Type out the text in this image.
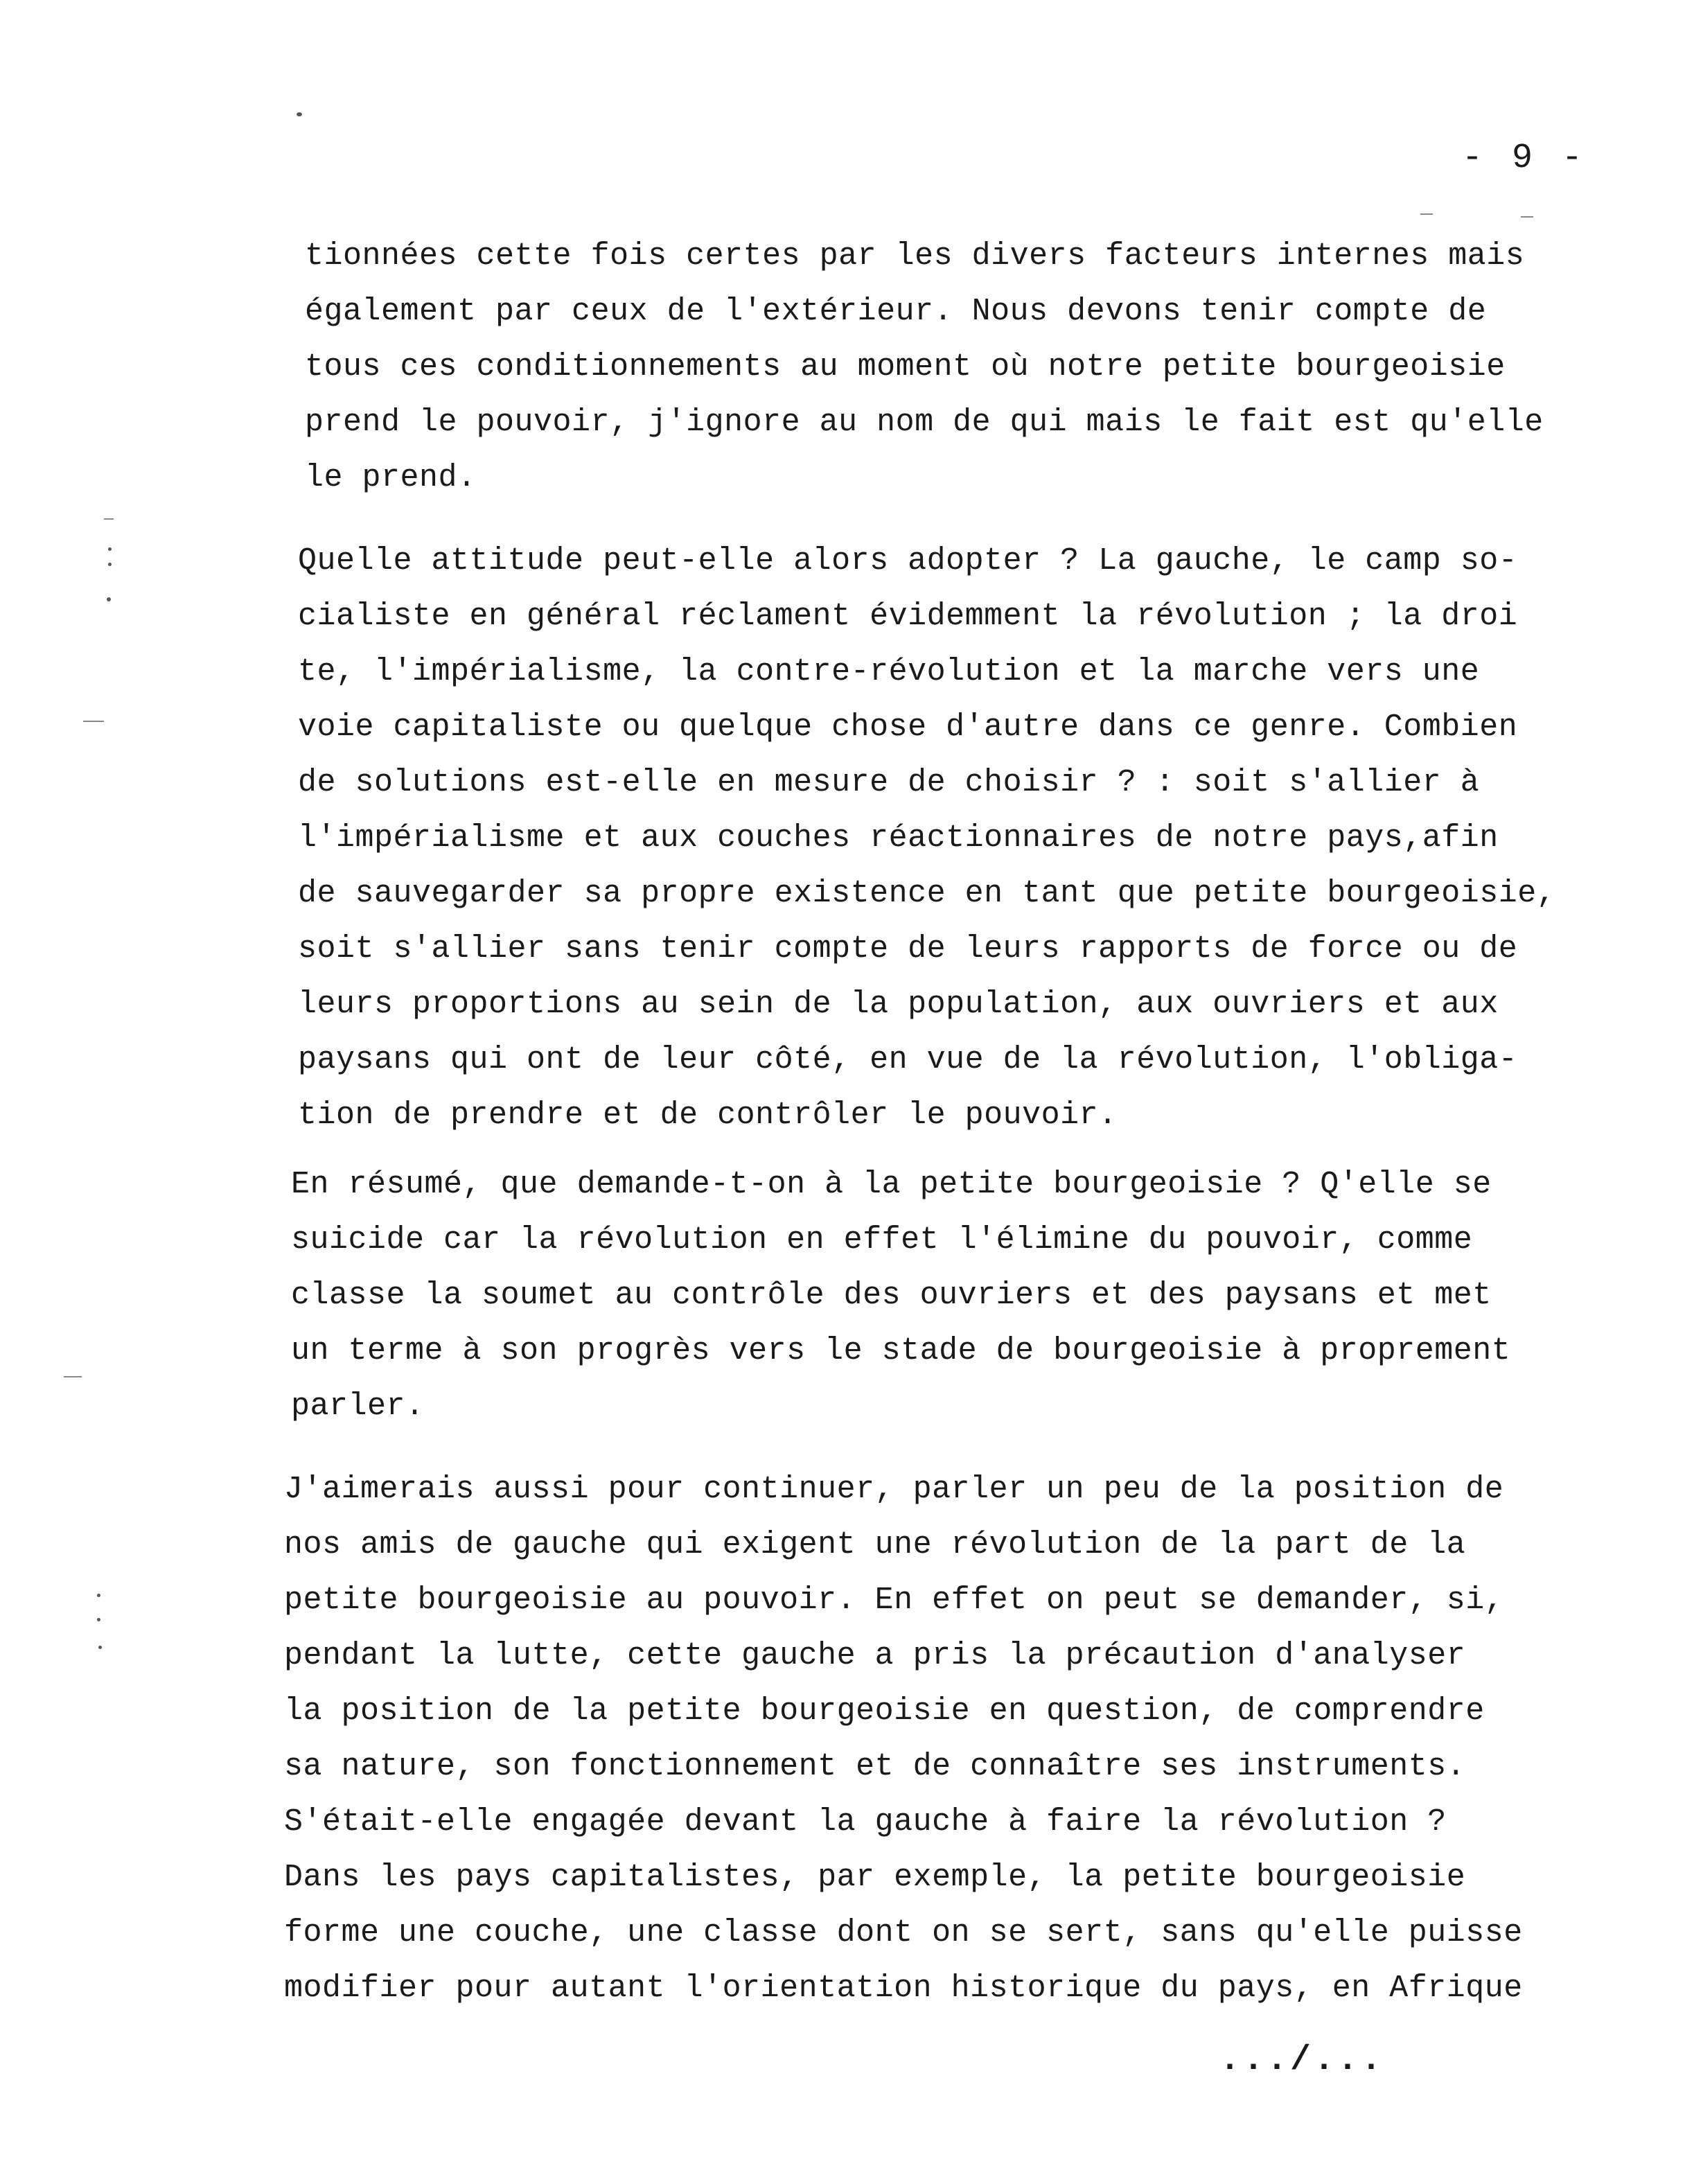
- 9 -
tionnées cette fois certes par les divers facteurs internes mais
également par ceux de l'extérieur. Nous devons tenir compte de
tous ces conditionnements au moment où notre petite bourgeoisie
prend le pouvoir, j'ignore au nom de qui mais le fait est qu'elle
le prend.
Quelle attitude peut-elle alors adopter ? La gauche, le camp so-
cialiste en général réclament évidemment la révolution ; la droi
te, l'impérialisme, la contre-révolution et la marche vers une
voie capitaliste ou quelque chose d'autre dans ce genre. Combien
de solutions est-elle en mesure de choisir ? : soit s'allier à
l'impérialisme et aux couches réactionnaires de notre pays,afin
de sauvegarder sa propre existence en tant que petite bourgeoisie,
soit s'allier sans tenir compte de leurs rapports de force ou de
leurs proportions au sein de la population, aux ouvriers et aux
paysans qui ont de leur côté, en vue de la révolution, l'obliga-
tion de prendre et de contrôler le pouvoir.
En résumé, que demande-t-on à la petite bourgeoisie ? Q'elle se
suicide car la révolution en effet l'élimine du pouvoir, comme
classe la soumet au contrôle des ouvriers et des paysans et met
un terme à son progrès vers le stade de bourgeoisie à proprement
parler.
J'aimerais aussi pour continuer, parler un peu de la position de
nos amis de gauche qui exigent une révolution de la part de la
petite bourgeoisie au pouvoir. En effet on peut se demander, si,
pendant la lutte, cette gauche a pris la précaution d'analyser
la position de la petite bourgeoisie en question, de comprendre
sa nature, son fonctionnement et de connaître ses instruments.
S'était-elle engagée devant la gauche à faire la révolution ?
Dans les pays capitalistes, par exemple, la petite bourgeoisie
forme une couche, une classe dont on se sert, sans qu'elle puisse
modifier pour autant l'orientation historique du pays, en Afrique
.../...
